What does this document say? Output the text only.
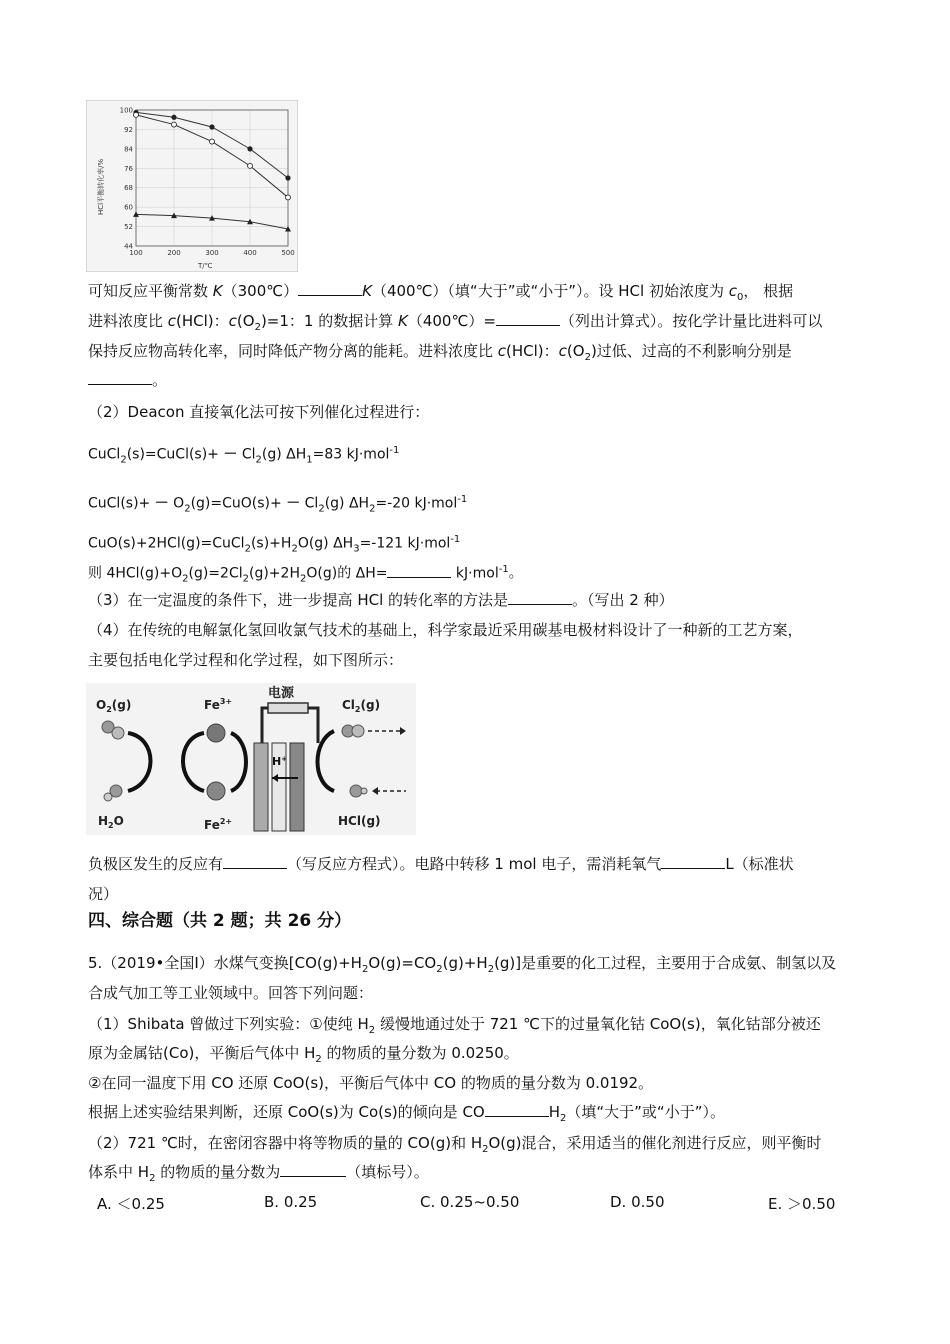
100
92
84
76
68
60
52
44
100	200	300	400	500
HCl平衡转化率/%
T/℃
可知反应平衡常数 K（300℃）	K（400℃）（填“大于”或“小于”）。设 HCl 初始浓度为 $c_0$， 根据
进料浓度比 c(HCl)：$c(O_2)=1$：1 的数据计算 K（400℃）=	（列出计算式）。按化学计量比进料可以
保持反应物高转化率，同时降低产物分离的能耗。进料浓度比 c(HCl)：$c(O_2)$过低、过高的不利影响分别是
。
（2）Deacon 直接氧化法可按下列催化过程进行：
CuCl$_2$(s)=CuCl(s)+ － $Cl_2(g)$ $\Delta H_1=83$ kJ·mol$^{-1}$
CuCl(s)+ － $O_2(g)=CuO(s)+ - Cl_2(g)$ $\Delta H_2=-20$ kJ·mol$^{-1}$
$CuO(s)+2HCl(g)=CuCl_2(s)+H_2O(g)$ $\Delta H_3=-121$ kJ·mol$^{-1}$
则 $4HCl(g)+O_2(g)=2Cl_2(g)+2H_2O(g)$的 ΔH=	kJ·mol$^{-1}$。
（3）在一定温度的条件下，进一步提高 HCl 的转化率的方法是	。（写出 2 种）
（4）在传统的电解氯化氢回收氯气技术的基础上，科学家最近采用碳基电极材料设计了一种新的工艺方案，
主要包括电化学过程和化学过程，如下图所示：
电源
H+
$O_2(g)$	$Fe^{3+}$
$H_2O$	$Fe^{2+}$
$Cl_2(g)$
HCl(g)
负极区发生的反应有	（写反应方程式）。电路中转移 1 mol 电子，需消耗氧气	L（标准状
况）
四、综合题（共 2 题；共 26 分）
5.（2019•全国Ⅰ）水煤气变换$[CO(g)+H_2O(g)=CO_2(g)+H_2(g)]$是重要的化工过程，主要用于合成氨、制氢以及
合成气加工等工业领域中。回答下列问题：
（1）Shibata 曾做过下列实验：①使纯 $H_2$ 缓慢地通过处于 721 ℃下的过量氧化钴 CoO(s)，氧化钴部分被还
原为金属钴(Co)，平衡后气体中 $H_2$ 的物质的量分数为 0.0250。
②在同一温度下用 CO 还原 CoO(s)，平衡后气体中 CO 的物质的量分数为 0.0192。
根据上述实验结果判断，还原 CoO(s)为 Co(s)的倾向是 CO	$H_2$（填“大于”或“小于”）。
（2）721 ℃时，在密闭容器中将等物质的量的 CO(g)和 $H_2O(g)$混合，采用适当的催化剂进行反应，则平衡时
体系中 $H_2$ 的物质的量分数为	（填标号）。
A. ＜0.25	B. 0.25	C. 0.25~0.50	D. 0.50	E. ＞0.50
